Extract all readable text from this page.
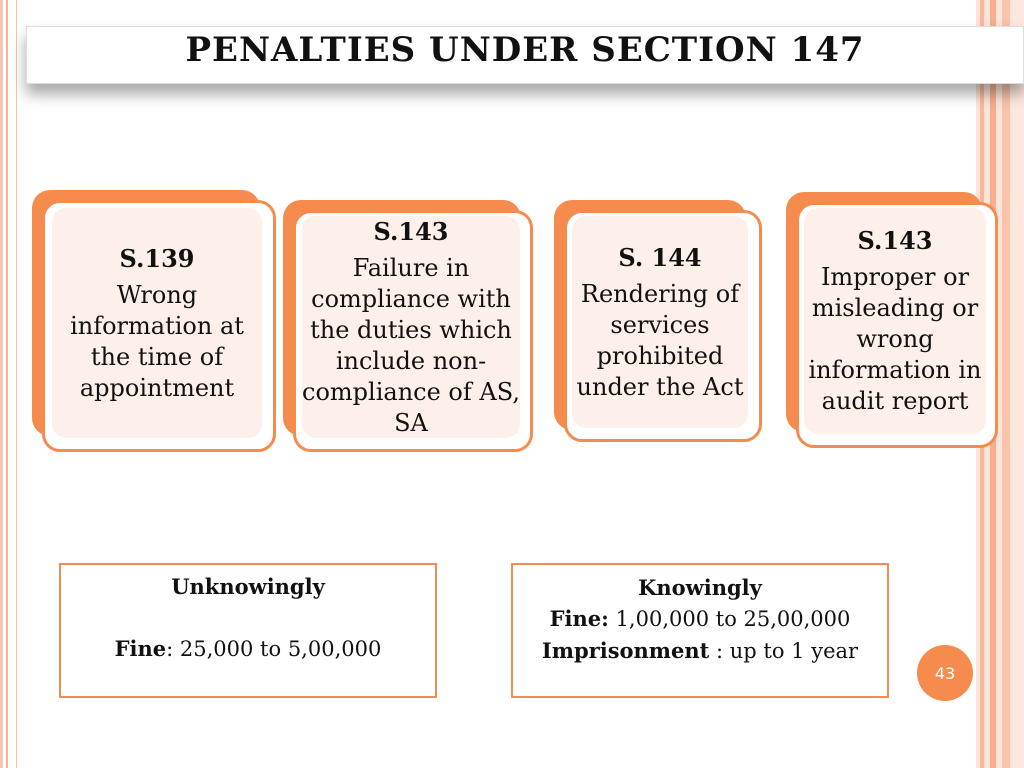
PENALTIES UNDER SECTION 147
S.139
Wrong information at the time of appointment
S.143
Failure in compliance with the duties which include non-compliance of AS, SA
S. 144
Rendering of services prohibited under the Act
S.143
Improper or misleading or wrong information in audit report
Unknowingly
Fine: 25,000 to 5,00,000
Knowingly
Fine: 1,00,000 to 25,00,000
Imprisonment : up to 1 year
43
